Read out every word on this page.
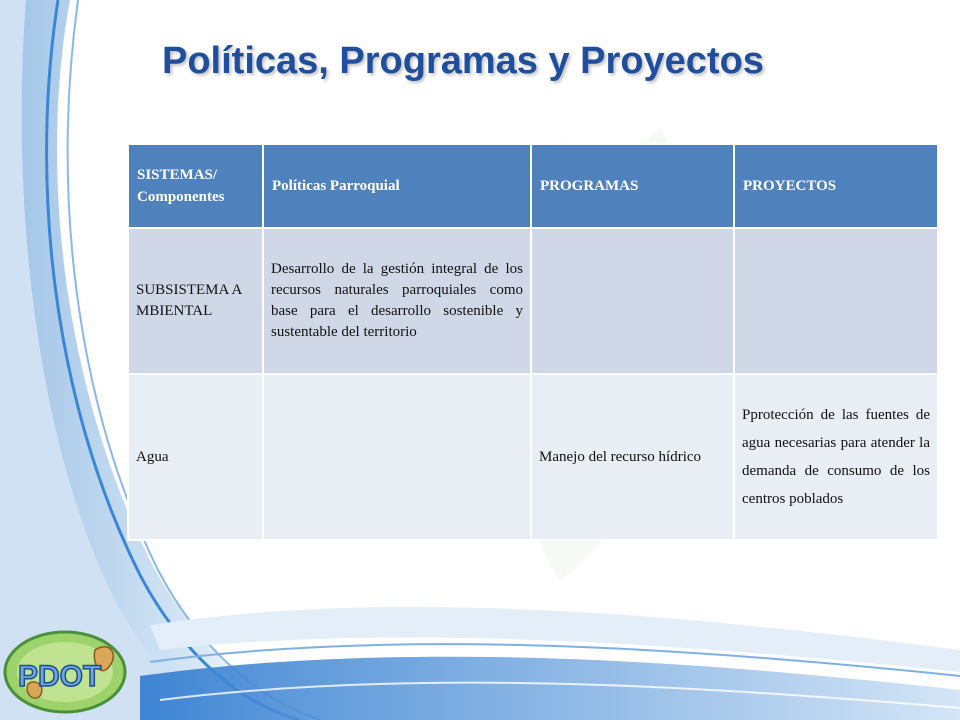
Políticas, Programas y Proyectos
SISTEMAS/ Componentes	Políticas Parroquial	PROGRAMAS	PROYECTOS
SUBSISTEMA AMBIENTAL	Desarrollo de la gestión integral de los recursos naturales parroquiales como base para el desarrollo sostenible y sustentable del territorio		
Agua		Manejo del recurso hídrico	Pprotección de las fuentes de agua necesarias para atender la demanda de consumo de los centros poblados
PDOT
